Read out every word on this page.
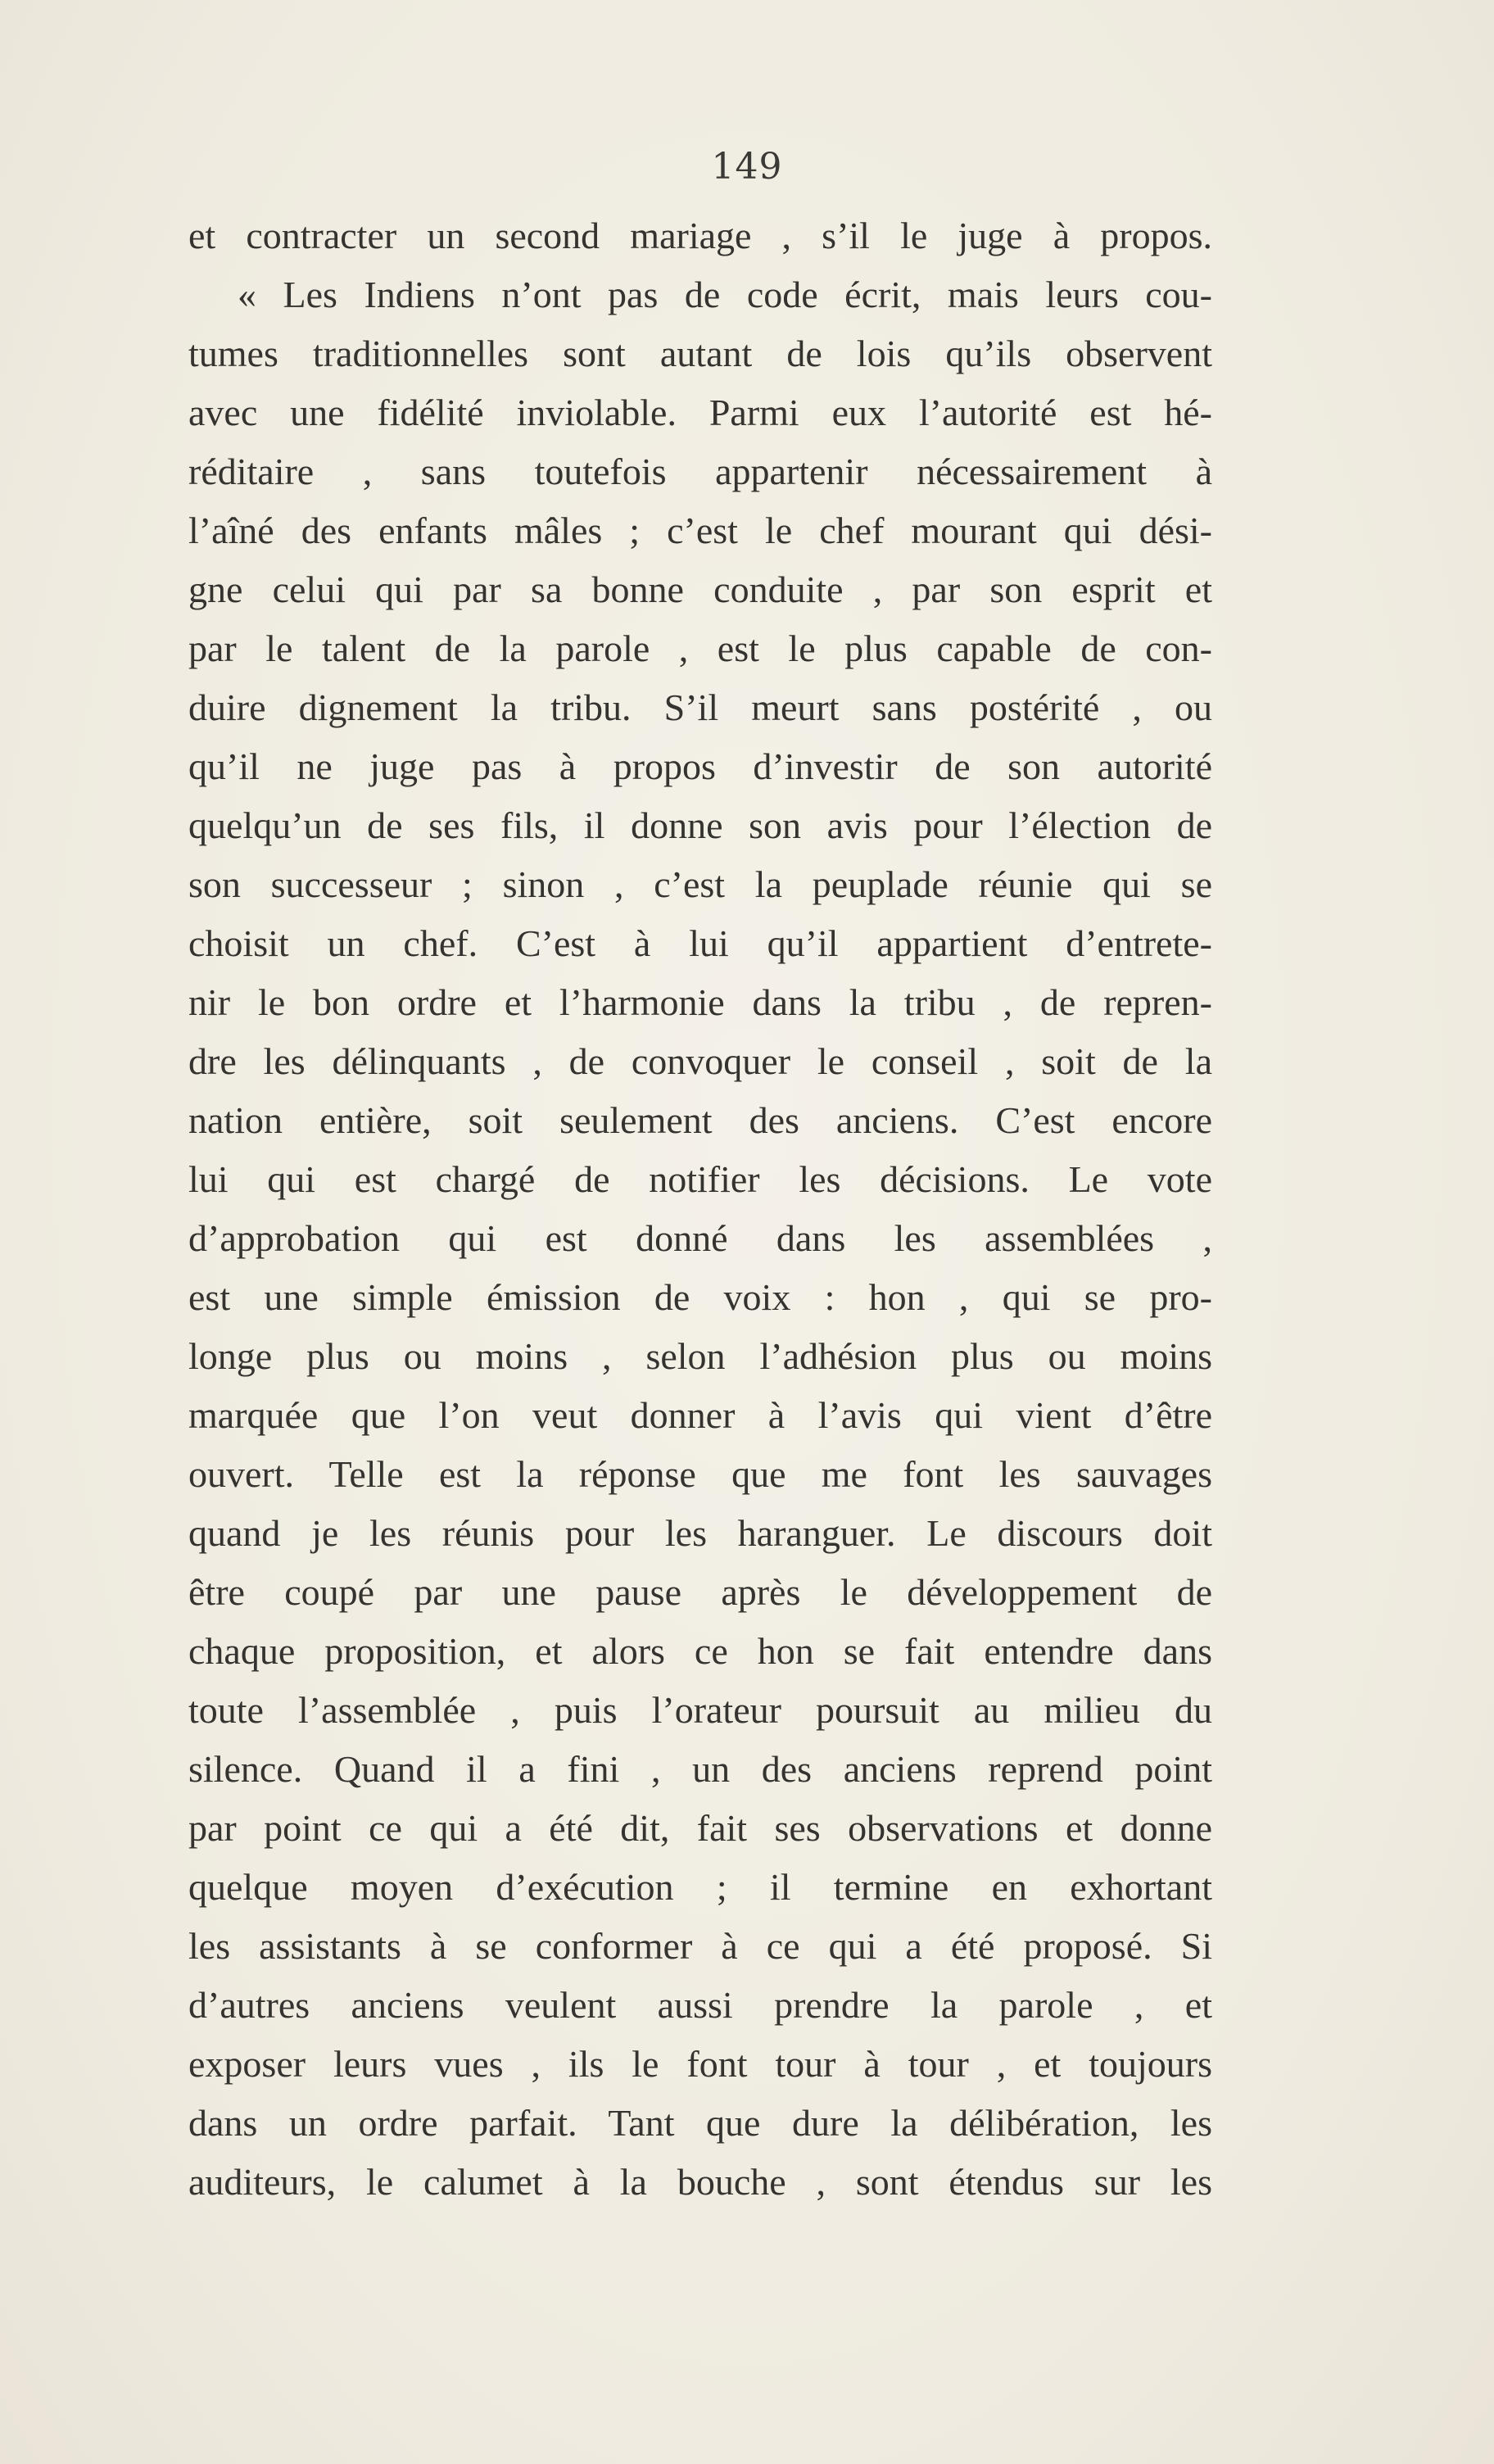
149
et contracter un second mariage , s’il le juge à propos.
« Les Indiens n’ont pas de code écrit, mais leurs cou-
tumes traditionnelles sont autant de lois qu’ils observent
avec une fidélité inviolable. Parmi eux l’autorité est hé-
réditaire , sans toutefois appartenir nécessairement à
l’aîné des enfants mâles ; c’est le chef mourant qui dési-
gne celui qui par sa bonne conduite , par son esprit et
par le talent de la parole , est le plus capable de con-
duire dignement la tribu. S’il meurt sans postérité , ou
qu’il ne juge pas à propos d’investir de son autorité
quelqu’un de ses fils, il donne son avis pour l’élection de
son successeur ; sinon , c’est la peuplade réunie qui se
choisit un chef. C’est à lui qu’il appartient d’entrete-
nir le bon ordre et l’harmonie dans la tribu , de repren-
dre les délinquants , de convoquer le conseil , soit de la
nation entière, soit seulement des anciens. C’est encore
lui qui est chargé de notifier les décisions. Le vote
d’approbation qui est donné dans les assemblées ,
est une simple émission de voix : hon , qui se pro-
longe plus ou moins , selon l’adhésion plus ou moins
marquée que l’on veut donner à l’avis qui vient d’être
ouvert. Telle est la réponse que me font les sauvages
quand je les réunis pour les haranguer. Le discours doit
être coupé par une pause après le développement de
chaque proposition, et alors ce hon se fait entendre dans
toute l’assemblée , puis l’orateur poursuit au milieu du
silence. Quand il a fini , un des anciens reprend point
par point ce qui a été dit, fait ses observations et donne
quelque moyen d’exécution ; il termine en exhortant
les assistants à se conformer à ce qui a été proposé. Si
d’autres anciens veulent aussi prendre la parole , et
exposer leurs vues , ils le font tour à tour , et toujours
dans un ordre parfait. Tant que dure la délibération, les
auditeurs, le calumet à la bouche , sont étendus sur les
